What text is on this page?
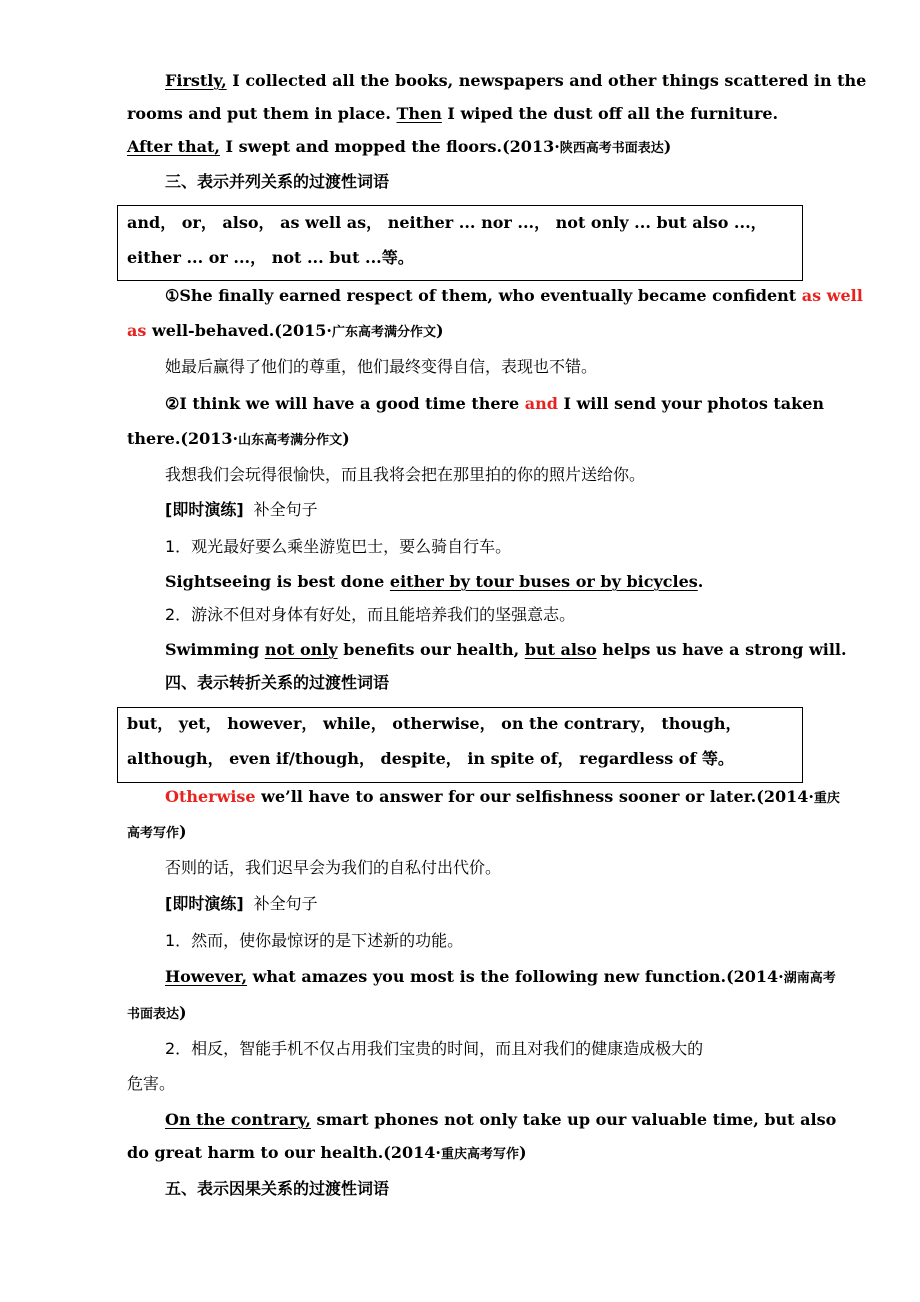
Firstly, I collected all the books, newspapers and other things scattered in the
rooms and put them in place. Then I wiped the dust off all the furniture.
After that, I swept and mopped the floors.(2013·陕西高考书面表达)
三、表示并列关系的过渡性词语
and， or， also， as well as， neither ... nor ...， not only ... but also ...，
either ... or ...， not ... but ...等。
①She finally earned respect of them, who eventually became confident as well
as well-behaved.(2015·广东高考满分作文)
她最后赢得了他们的尊重，他们最终变得自信，表现也不错。
②I think we will have a good time there and I will send your photos taken
there.(2013·山东高考满分作文)
我想我们会玩得很愉快，而且我将会把在那里拍的你的照片送给你。
[即时演练] 补全句子
1．观光最好要么乘坐游览巴士，要么骑自行车。
Sightseeing is best done either by tour buses or by bicycles.
2．游泳不但对身体有好处，而且能培养我们的坚强意志。
Swimming not only benefits our health, but also helps us have a strong will.
四、表示转折关系的过渡性词语
but， yet， however， while， otherwise， on the contrary， though，
although， even if/though， despite， in spite of， regardless of 等。
Otherwise we’ll have to answer for our selfishness sooner or later.(2014·重庆
高考写作)
否则的话，我们迟早会为我们的自私付出代价。
[即时演练] 补全句子
1．然而，使你最惊讶的是下述新的功能。
However, what amazes you most is the following new function.(2014·湖南高考
书面表达)
2．相反，智能手机不仅占用我们宝贵的时间，而且对我们的健康造成极大的
危害。
On the contrary, smart phones not only take up our valuable time, but also
do great harm to our health.(2014·重庆高考写作)
五、表示因果关系的过渡性词语
